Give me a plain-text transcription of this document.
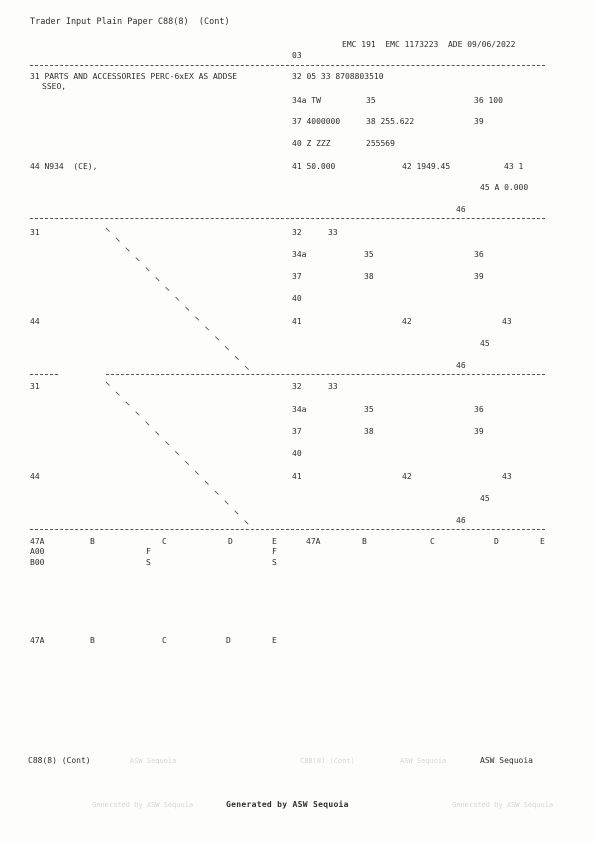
Trader Input Plain Paper C88(8)  (Cont)
EMC 191  EMC 1173223  ADE 09/06/2022
03
31 PARTS AND ACCESSORIES PERC-6xEX AS ADDSE
SSEO,
32 05 33 8708803510
34a TW	35	36 100
37 4000000	38 255.622	39
40 Z ZZZ	255569
44 N934  (CE),	41 50.000	42 1949.45	43 1
45 A 0.000
46
31	32	33
34a	35	36
37	38	39
40
44	41	42	43
45
46
31	32	33
34a	35	36
37	38	39
40
44	41	42	43
45
46
47A	B	C	D	E	47A	B	C	D	E
A00	F	F
B00	S	S
47A	B	C	D	E
ASW Sequoia	C88(8) (Cont)	ASW Sequoia
Generated by ASW Sequoia	Generated by ASW Sequoia
C88(8) (Cont)	ASW Sequoia
Generated by ASW Sequoia
